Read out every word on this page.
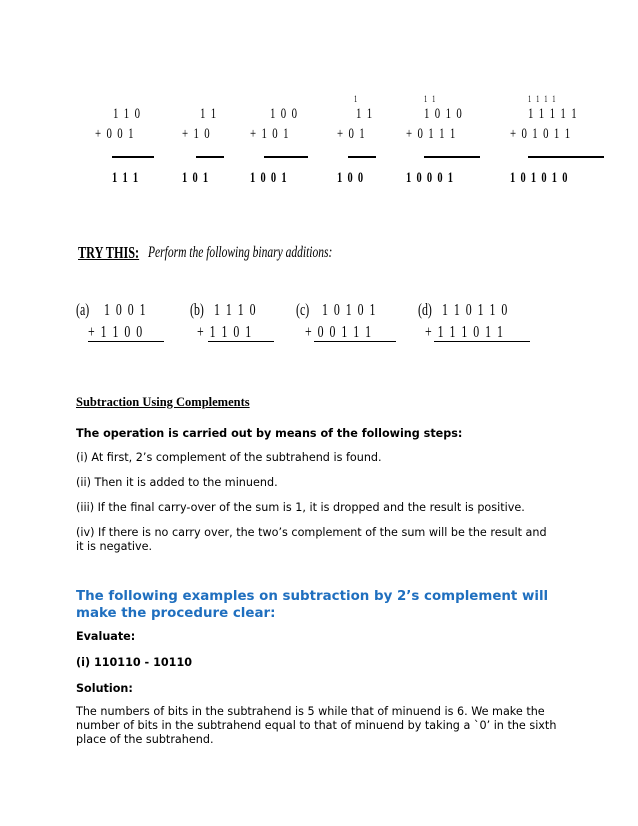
1  1  0
+  0  0  1
1  1  1
1  1
+  1  0
1  0  1
1  0  0
+  1  0  1
1  0  0  1
1
1  1
+  0  1
1  0  0
1   1
1  0  1  0
+  0  1  1  1
1  0  0  0  1
1   1   1   1
1  1  1  1  1
+  0  1  0  1  1
1  0  1  0  1  0
TRY THIS: Perform the following binary additions:
(a) 1  0  0  1
+  1  1  0  0
(b) 1  1  1  0
+  1  1  0  1
(c) 1  0  1  0  1
+  0  0  1  1  1
(d) 1  1  0  1  1  0
+  1  1  1  0  1  1
Subtraction Using Complements
The operation is carried out by means of the following steps:
(i) At first, 2’s complement of the subtrahend is found.
(ii) Then it is added to the minuend.
(iii) If the final carry-over of the sum is 1, it is dropped and the result is positive.
(iv) If there is no carry over, the two’s complement of the sum will be the result and it is negative.
The following examples on subtraction by 2’s complement will make the procedure clear:
Evaluate:
(i) 110110 - 10110
Solution:
The numbers of bits in the subtrahend is 5 while that of minuend is 6. We make the number of bits in the subtrahend equal to that of minuend by taking a `0’ in the sixth place of the subtrahend.
